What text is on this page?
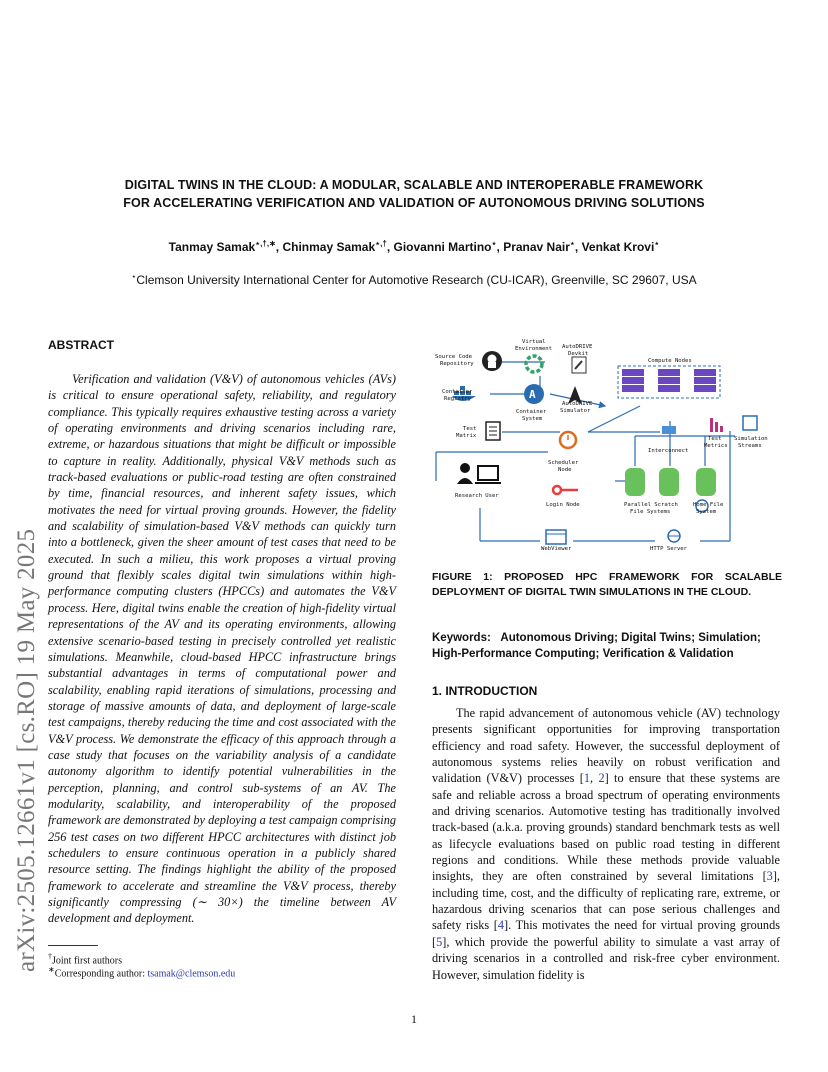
arXiv:2505.12661v1 [cs.RO] 19 May 2025
DIGITAL TWINS IN THE CLOUD: A MODULAR, SCALABLE AND INTEROPERABLE FRAMEWORK
FOR ACCELERATING VERIFICATION AND VALIDATION OF AUTONOMOUS DRIVING SOLUTIONS
Tanmay Samak⋆,†,∗, Chinmay Samak⋆,†, Giovanni Martino⋆, Pranav Nair⋆, Venkat Krovi⋆
⋆Clemson University International Center for Automotive Research (CU-ICAR), Greenville, SC 29607, USA
ABSTRACT
Verification and validation (V&V) of autonomous vehicles (AVs) is critical to ensure operational safety, reliability, and regulatory compliance. This typically requires exhaustive testing across a variety of operating environments and driving scenarios including rare, extreme, or hazardous situations that might be difficult or impossible to capture in reality. Additionally, physical V&V methods such as track-based evaluations or public-road testing are often constrained by time, financial resources, and inherent safety issues, which motivates the need for virtual proving grounds. However, the fidelity and scalability of simulation-based V&V methods can quickly turn into a bottleneck, given the sheer amount of test cases that need to be executed. In such a milieu, this work proposes a virtual proving ground that flexibly scales digital twin simulations within high-performance computing clusters (HPCCs) and automates the V&V process. Here, digital twins enable the creation of high-fidelity virtual representations of the AV and its operating environments, allowing extensive scenario-based testing in precisely controlled yet realistic simulations. Meanwhile, cloud-based HPCC infrastructure brings substantial advantages in terms of computational power and scalability, enabling rapid iterations of simulations, processing and storage of massive amounts of data, and deployment of large-scale test campaigns, thereby reducing the time and cost associated with the V&V process. We demonstrate the efficacy of this approach through a case study that focuses on the variability analysis of a candidate autonomy algorithm to identify potential vulnerabilities in the perception, planning, and control sub-systems of an AV. The modularity, scalability, and interoperability of the proposed framework are demonstrated by deploying a test campaign comprising 256 test cases on two different HPCC architectures with distinct job schedulers to ensure continuous operation in a publicly shared resource setting. The findings highlight the ability of the proposed framework to accelerate and streamline the V&V process, thereby significantly compressing (∼ 30×) the timeline between AV development and deployment.
†Joint first authors
∗Corresponding author: tsamak@clemson.edu
A
Virtual
Environment AutoDRIVE
Devkit
Source Code
Repository	Compute Nodes
Container
Registry
Container
System
AutoDRIVE
Simulator
Test
Matrix	Test
Metrics
Simulation
Streams
Interconnect
Scheduler
Node
Research User
Login Node	Parallel Scratch
File Systems
Home File
System
WebViewer	HTTP Server
FIGURE 1: PROPOSED HPC FRAMEWORK FOR SCALABLE DEPLOYMENT OF DIGITAL TWIN SIMULATIONS IN THE CLOUD.
Keywords: Autonomous Driving; Digital Twins; Simulation; High-Performance Computing; Verification & Validation
1. INTRODUCTION
The rapid advancement of autonomous vehicle (AV) technology presents significant opportunities for improving transportation efficiency and road safety. However, the successful deployment of autonomous systems relies heavily on robust verification and validation (V&V) processes [1, 2] to ensure that these systems are safe and reliable across a broad spectrum of operating environments and driving scenarios. Automotive testing has traditionally involved track-based (a.k.a. proving grounds) standard benchmark tests as well as lifecycle evaluations based on public road testing in different regions and conditions. While these methods provide valuable insights, they are often constrained by several limitations [3], including time, cost, and the difficulty of replicating rare, extreme, or hazardous driving scenarios that can pose serious challenges and safety risks [4]. This motivates the need for virtual proving grounds [5], which provide the powerful ability to simulate a vast array of driving scenarios in a controlled and risk-free cyber environment. However, simulation fidelity is
1
